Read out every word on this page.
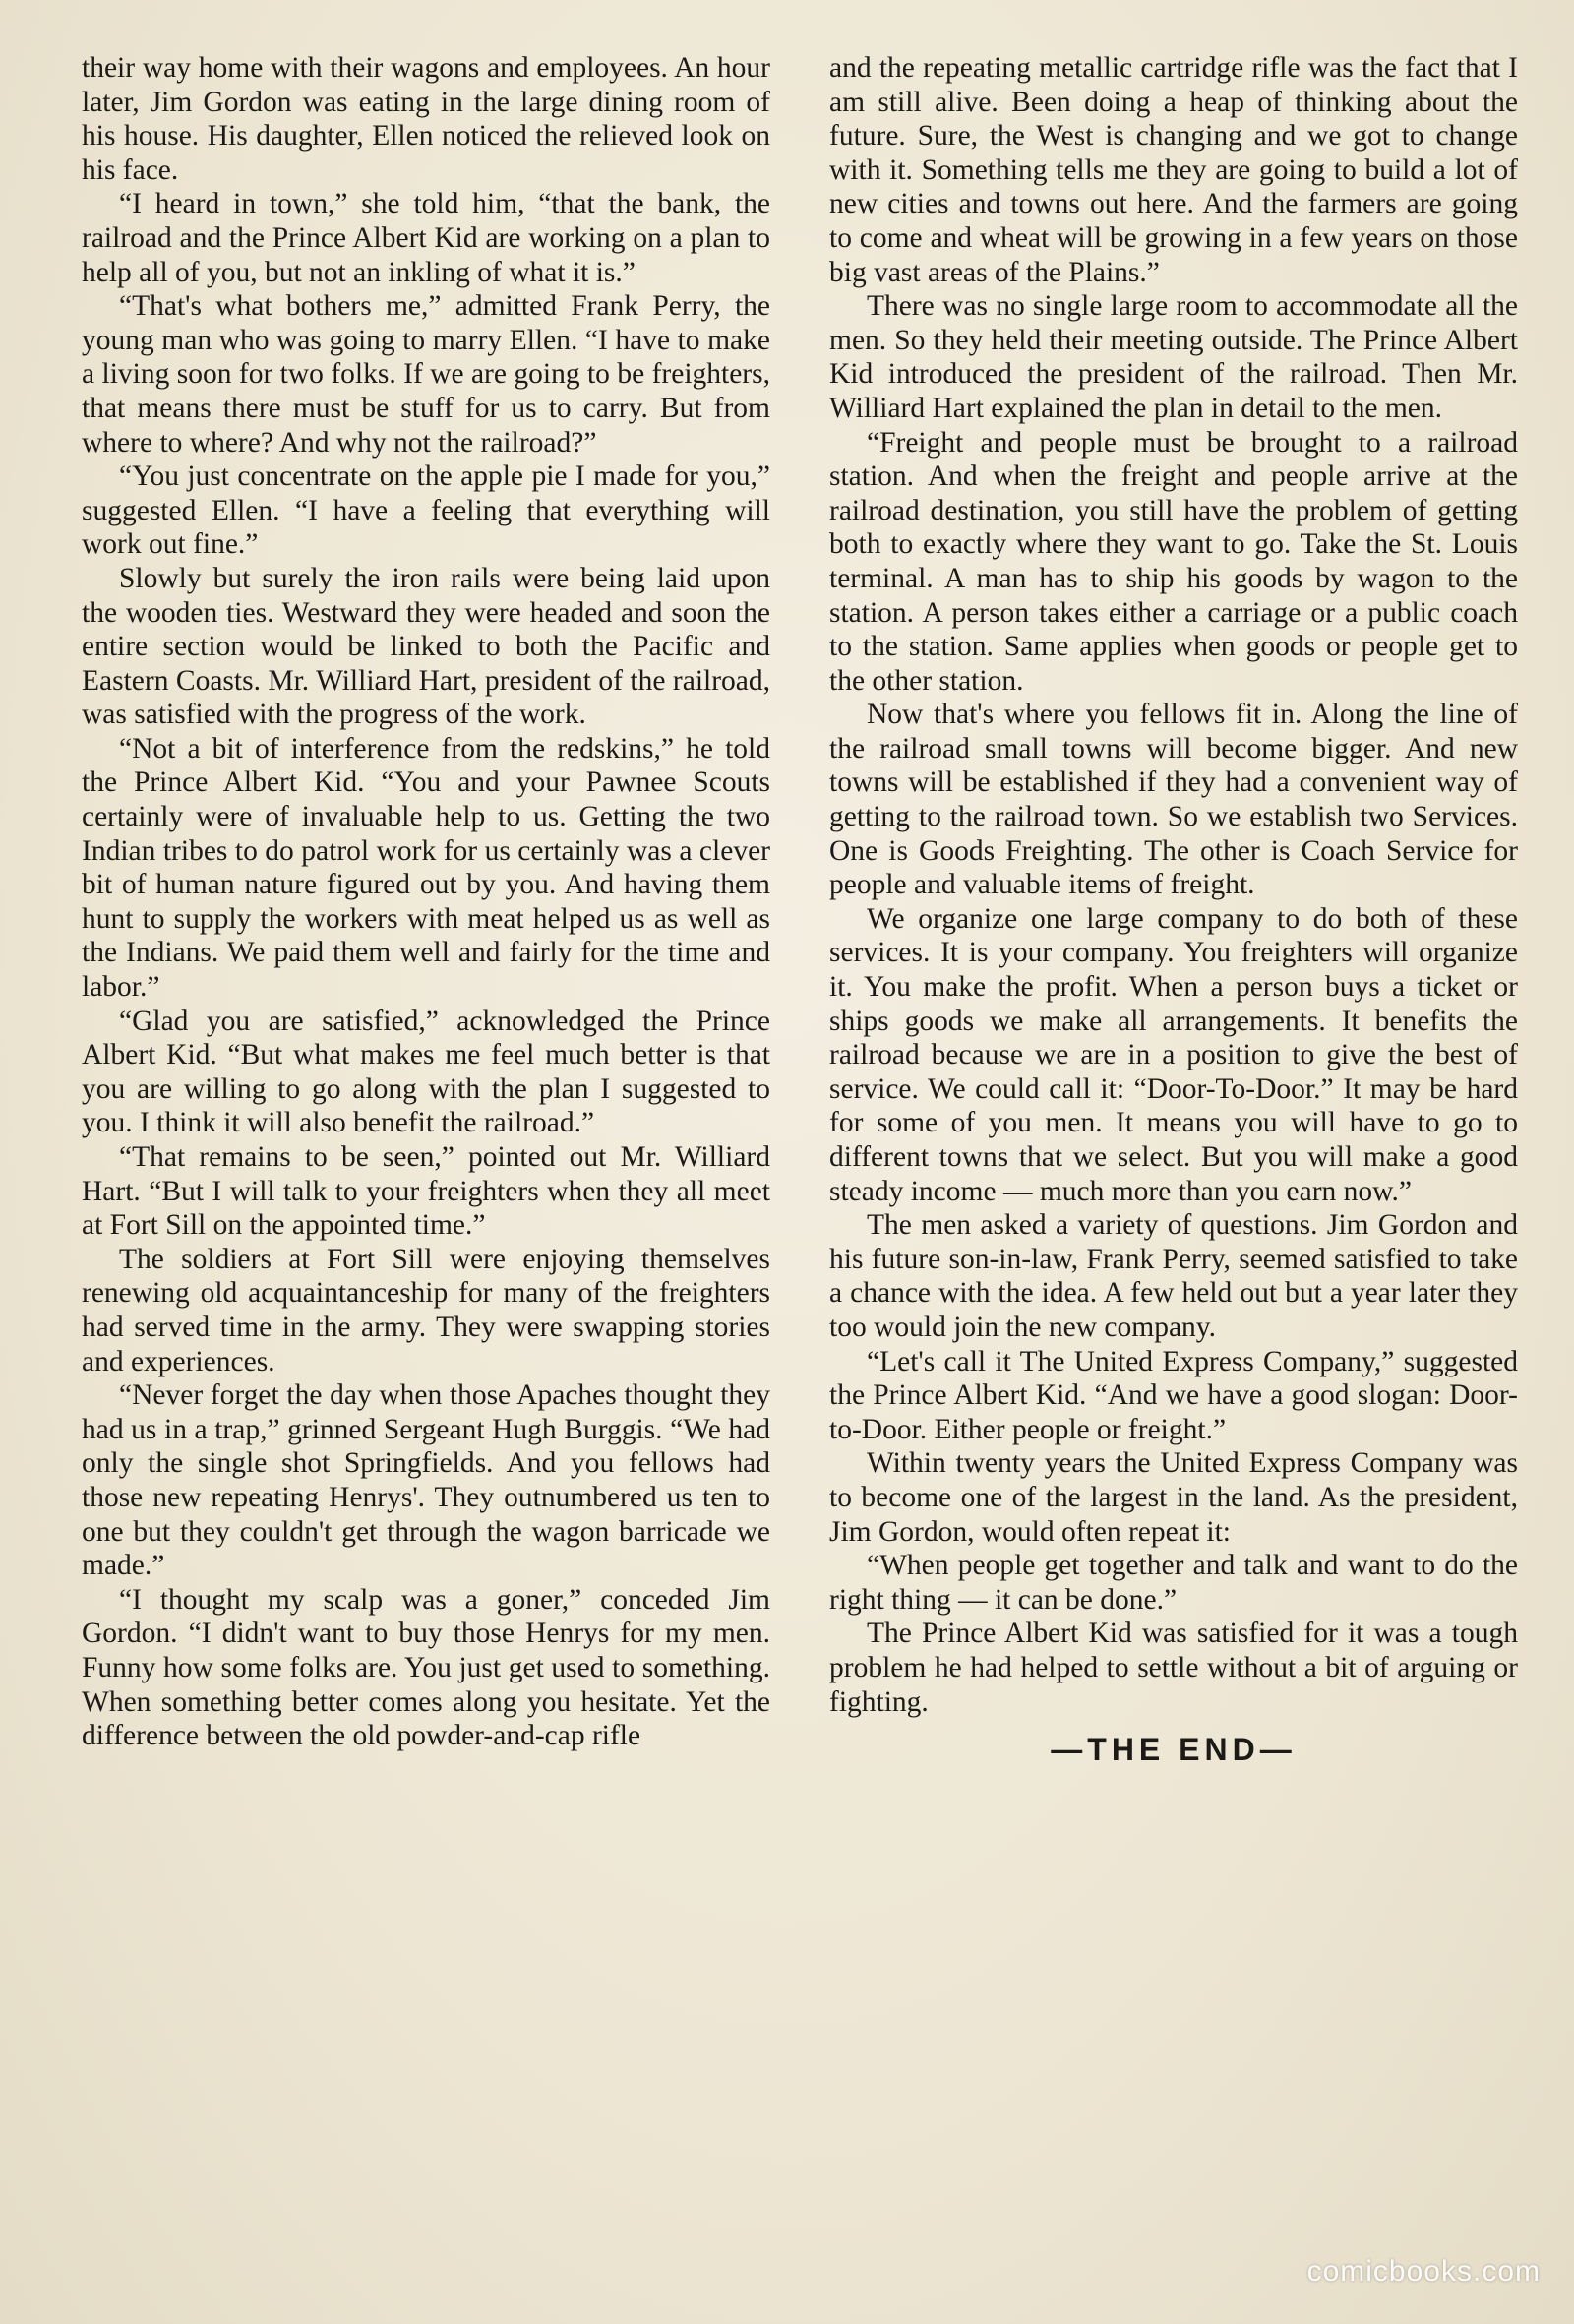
their way home with their wagons and employees. An hour later, Jim Gordon was eating in the large dining room of his house. His daughter, Ellen noticed the relieved look on his face.

“I heard in town,” she told him, “that the bank, the railroad and the Prince Albert Kid are working on a plan to help all of you, but not an inkling of what it is.”

“That's what bothers me,” admitted Frank Perry, the young man who was going to marry Ellen. “I have to make a living soon for two folks. If we are going to be freighters, that means there must be stuff for us to carry. But from where to where? And why not the railroad?”

“You just concentrate on the apple pie I made for you,” suggested Ellen. “I have a feeling that everything will work out fine.”

Slowly but surely the iron rails were being laid upon the wooden ties. Westward they were headed and soon the entire section would be linked to both the Pacific and Eastern Coasts. Mr. Williard Hart, president of the railroad, was satisfied with the progress of the work.

“Not a bit of interference from the redskins,” he told the Prince Albert Kid. “You and your Pawnee Scouts certainly were of invaluable help to us. Getting the two Indian tribes to do patrol work for us certainly was a clever bit of human nature figured out by you. And having them hunt to supply the workers with meat helped us as well as the Indians. We paid them well and fairly for the time and labor.”

“Glad you are satisfied,” acknowledged the Prince Albert Kid. “But what makes me feel much better is that you are willing to go along with the plan I suggested to you. I think it will also benefit the railroad.”

“That remains to be seen,” pointed out Mr. Williard Hart. “But I will talk to your freighters when they all meet at Fort Sill on the appointed time.”

The soldiers at Fort Sill were enjoying themselves renewing old acquaintanceship for many of the freighters had served time in the army. They were swapping stories and experiences.

“Never forget the day when those Apaches thought they had us in a trap,” grinned Sergeant Hugh Burggis. “We had only the single shot Springfields. And you fellows had those new repeating Henrys'. They outnumbered us ten to one but they couldn't get through the wagon barricade we made.”

“I thought my scalp was a goner,” conceded Jim Gordon. “I didn't want to buy those Henrys for my men. Funny how some folks are. You just get used to something. When something better comes along you hesitate. Yet the difference between the old powder-and-cap rifle

and the repeating metallic cartridge rifle was the fact that I am still alive. Been doing a heap of thinking about the future. Sure, the West is changing and we got to change with it. Something tells me they are going to build a lot of new cities and towns out here. And the farmers are going to come and wheat will be growing in a few years on those big vast areas of the Plains.”

There was no single large room to accommodate all the men. So they held their meeting outside. The Prince Albert Kid introduced the president of the railroad. Then Mr. Williard Hart explained the plan in detail to the men.

“Freight and people must be brought to a railroad station. And when the freight and people arrive at the railroad destination, you still have the problem of getting both to exactly where they want to go. Take the St. Louis terminal. A man has to ship his goods by wagon to the station. A person takes either a carriage or a public coach to the station. Same applies when goods or people get to the other station.

Now that's where you fellows fit in. Along the line of the railroad small towns will become bigger. And new towns will be established if they had a convenient way of getting to the railroad town. So we establish two Services. One is Goods Freighting. The other is Coach Service for people and valuable items of freight.

We organize one large company to do both of these services. It is your company. You freighters will organize it. You make the profit. When a person buys a ticket or ships goods we make all arrangements. It benefits the railroad because we are in a position to give the best of service. We could call it: “Door-To-Door.” It may be hard for some of you men. It means you will have to go to different towns that we select. But you will make a good steady income — much more than you earn now.”

The men asked a variety of questions. Jim Gordon and his future son-in-law, Frank Perry, seemed satisfied to take a chance with the idea. A few held out but a year later they too would join the new company.

“Let's call it The United Express Company,” suggested the Prince Albert Kid. “And we have a good slogan: Door-to-Door. Either people or freight.”

Within twenty years the United Express Company was to become one of the largest in the land. As the president, Jim Gordon, would often repeat it:

“When people get together and talk and want to do the right thing — it can be done.”

The Prince Albert Kid was satisfied for it was a tough problem he had helped to settle without a bit of arguing or fighting.

—THE END—
comicbooks.com
